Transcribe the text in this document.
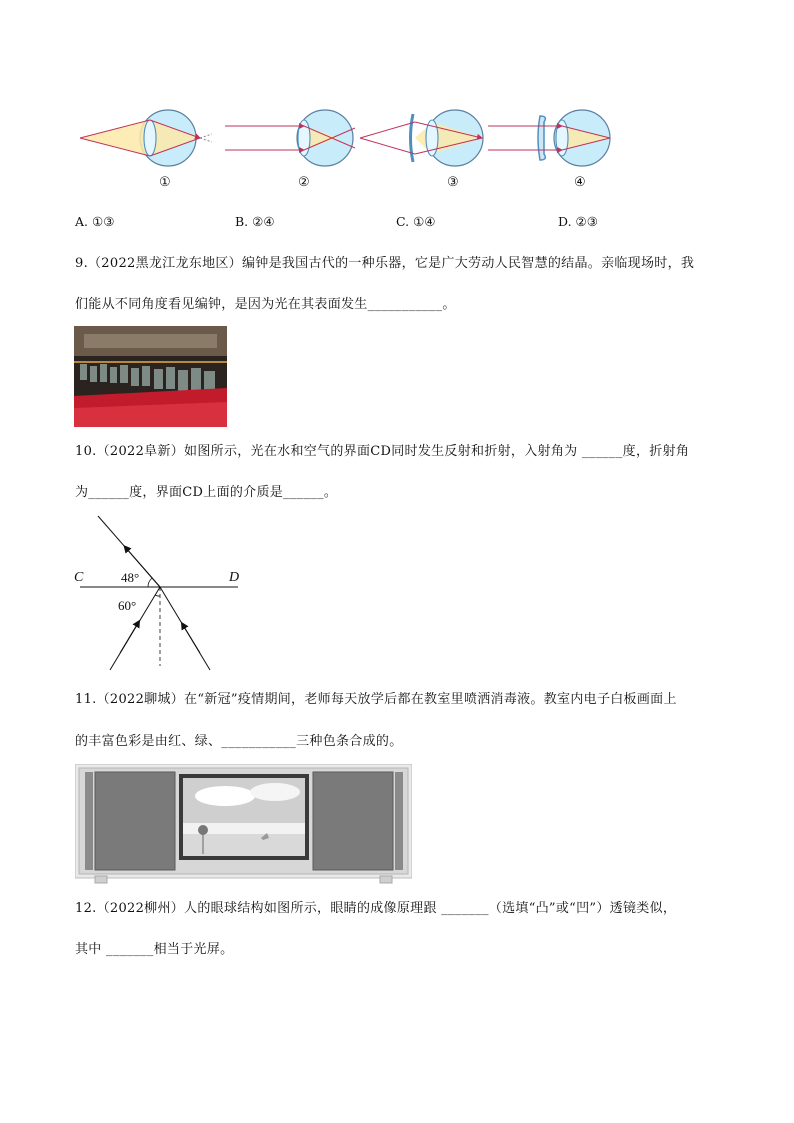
①	②	③	④
A. ①③	B. ②④	C. ①④	D. ②③
9.（2022黑龙江龙东地区）编钟是我国古代的一种乐器，它是广大劳动人民智慧的结晶。亲临现场时，我
们能从不同角度看见编钟，是因为光在其表面发生___________。
10.（2022阜新）如图所示，光在水和空气的界面CD同时发生反射和折射，入射角为 ______度，折射角
为______度，界面CD上面的介质是______。
C	D
48°
60°
11.（2022聊城）在“新冠”疫情期间，老师每天放学后都在教室里喷洒消毒液。教室内电子白板画面上
的丰富色彩是由红、绿、___________三种色条合成的。
12.（2022柳州）人的眼球结构如图所示，眼睛的成像原理跟 _______（选填“凸”或“凹”）透镜类似，
其中 _______相当于光屏。
